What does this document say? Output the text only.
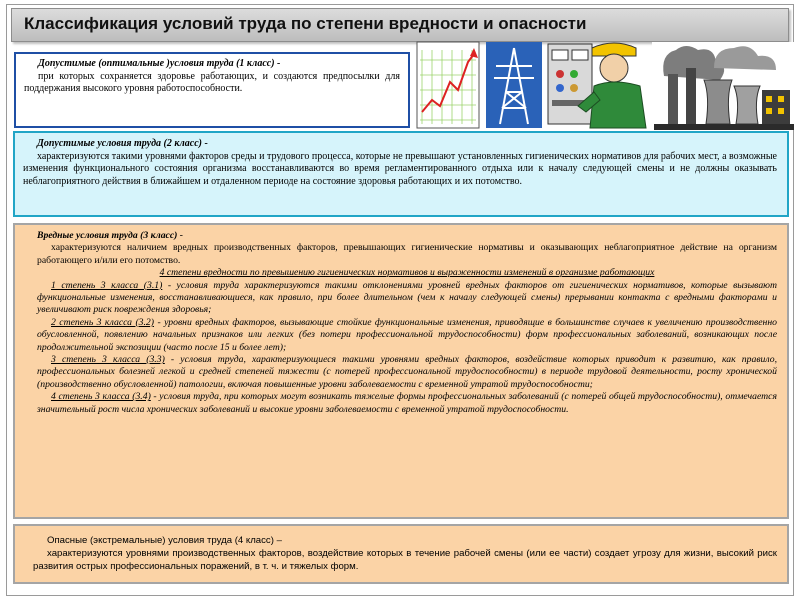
Классификация условий труда по степени вредности и опасности

Допустимые (оптимальные )условия труда (1 класс) -

при которых сохраняется здоровье работающих, и создаются предпосылки для поддержания высокого уровня работоспособности.

Допустимые условия труда (2 класс) -

характеризуются такими уровнями факторов среды и трудового процесса, которые не превышают установленных гигиенических нормативов для рабочих мест, а возможные изменения функционального состояния организма восстанавливаются во время регламентированного отдыха или к началу следующей смены и не должны оказывать неблагоприятного действия в ближайшем и отдаленном периоде на состояние здоровья работающих и их потомство.

Вредные условия труда (3 класс) -

характеризуются наличием вредных производственных факторов, превышающих гигиенические нормативы и оказывающих неблагоприятное действие на организм работающего и/или его потомство.

4 степени вредности по превышению гигиенических нормативов и выраженности изменений в организме работающих

1 степень 3 класса (3.1) - условия труда характеризуются такими отклонениями уровней вредных факторов от гигиенических нормативов, которые вызывают функциональные изменения, восстанавливающиеся, как правило, при более длительном (чем к началу следующей смены) прерывании контакта с вредными факторами и увеличивают риск повреждения здоровья;

2 степень 3 класса (3.2) - уровни вредных факторов, вызывающие стойкие функциональные изменения, приводящие в большинстве случаев к увеличению производственно обусловленной, появлению начальных признаков или легких (без потери профессиональной трудоспособности) форм профессиональных заболеваний, возникающих после продолжительной экспозиции (часто после 15 и более лет);

3 степень 3 класса (3.3) - условия труда, характеризующиеся такими уровнями вредных факторов, воздействие которых приводит к развитию, как правило, профессиональных болезней легкой и средней степеней тяжести (с потерей профессиональной трудоспособности) в периоде трудовой деятельности, росту хронической (производственно обусловленной) патологии, включая повышенные уровни заболеваемости с временной утратой трудоспособности;

4 степень 3 класса (3.4) - условия труда, при которых могут возникать тяжелые формы профессиональных заболеваний (с потерей общей трудоспособности), отмечается значительный рост числа хронических заболеваний и высокие уровни заболеваемости с временной утратой трудоспособности.

Опасные (экстремальные) условия труда (4 класс) –

характеризуются уровнями производственных факторов, воздействие которых в течение рабочей смены (или ее части) создает угрозу для жизни, высокий риск развития острых профессиональных поражений, в т. ч. и тяжелых форм.
